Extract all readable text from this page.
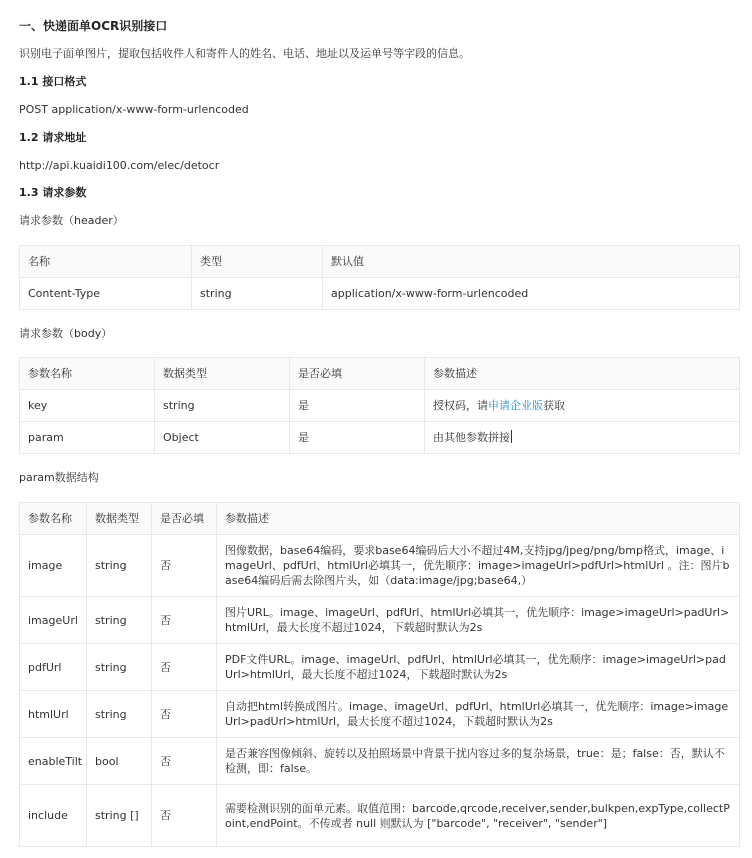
一、快递面单OCR识别接口

识别电子面单图片，提取包括收件人和寄件人的姓名、电话、地址以及运单号等字段的信息。

1.1 接口格式

POST application/x-www-form-urlencoded

1.2 请求地址

http://api.kuaidi100.com/elec/detocr

1.3 请求参数

请求参数（header）

名称	类型	默认值
Content-Type	string	application/x-www-form-urlencoded

请求参数（body）

参数名称	数据类型	是否必填	参数描述
key	string	是	授权码，请申请企业版获取
param	Object	是	由其他参数拼接

param数据结构

参数名称	数据类型	是否必填	参数描述
image	string	否	图像数据，base64编码，要求base64编码后大小不超过4M,支持jpg/jpeg/png/bmp格式，image、imageUrl、pdfUrl、htmlUrl必填其一，优先顺序：image>imageUrl>pdfUrl>htmlUrl 。注：图片base64编码后需去除图片头，如（data:image/jpg;base64,）
imageUrl	string	否	图片URL。image、imageUrl、pdfUrl、htmlUrl必填其一，优先顺序：image>imageUrl>padUrl>htmlUrl，最大长度不超过1024，下载超时默认为2s
pdfUrl	string	否	PDF文件URL。image、imageUrl、pdfUrl、htmlUrl必填其一，优先顺序：image>imageUrl>padUrl>htmlUrl，最大长度不超过1024，下载超时默认为2s
htmlUrl	string	否	自动把html转换成图片。image、imageUrl、pdfUrl、htmlUrl必填其一，优先顺序：image>imageUrl>padUrl>htmlUrl，最大长度不超过1024，下载超时默认为2s
enableTilt	bool	否	是否兼容图像倾斜、旋转以及拍照场景中背景干扰内容过多的复杂场景，true：是；false：否，默认不检测，即：false。
include	string []	否	需要检测识别的面单元素。取值范围：barcode,qrcode,receiver,sender,bulkpen,expType,collectPoint,endPoint。不传或者 null 则默认为 ["barcode", "receiver", "sender"]
